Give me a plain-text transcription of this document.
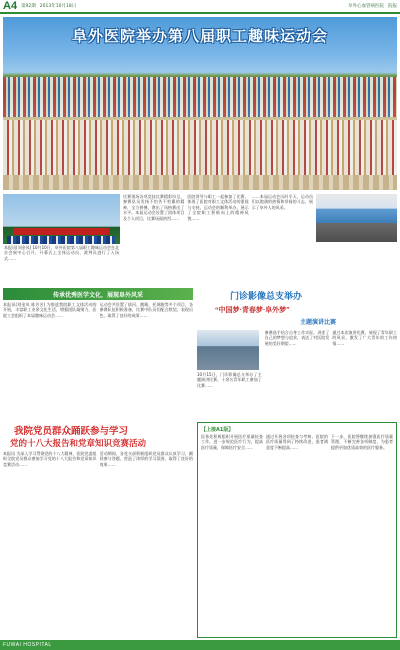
A4 第92期 2013年10月18日	阜外心血管病医院 院报
阜外医院举办第八届职工趣味运动会
本报讯(刘金凤) 10月10日，阜外医院第八届职工趣味运动会在北京会展中心召开，开幕式上全体运动员、裁判员进行了入场式……
比赛现场各项竞技比赛精彩纷呈，参赛队员发扬不怕苦不怕累的精神，全力拼搏，赛出了风格赛出了水平。本届运动会设置了团体项目及个人项目，比赛场面热烈……
医院领导与职工一起参加了比赛，体现了医院对职工文体活动的重视与支持。运动会的顺利举办，展示了全院职工积极向上的精神风貌……
……本届运动会历时半天，运动员们以饱满的热情和昂扬的斗志，展示了阜外人的风采。
传承优秀医学文化，展现阜外风采
本报讯(刘金凤 陈芳芳) 为推进我院职工文体活动的开展，丰富职工业余文化生活，增强团队凝聚力，医院工会组织了本届趣味运动会……
运动会共设置了拔河、跳绳、托球跑等多个项目，各参赛队伍积极准备，比赛中队员们配合默契，表现出色，取得了良好的成绩……
门诊影像总支举办
“中国梦·青春梦·阜外梦”
主题演讲比赛
10月15日，门诊影像总支举办了主题演讲比赛，十余名青年职工参加了比赛……
参赛选手结合自身工作实际，讲述了自己的梦想与追求，表达了对医院发展的美好期望……
通过本次演讲比赛，展现了青年职工的风采，激发了广大青年的工作热情……
我院党员群众踊跃参与学习
党的十八大报告和党章知识竞赛活动
本报讯 为深入学习贯彻党的十八大精神，医院党委组织全院党员群众参加学习党的十八大报告和党章知识竞赛活动……
活动期间，各党支部积极组织党员群众认真学习，踊跃参与答题，营造了浓厚的学习氛围，取得了良好的效果……
【上接A1版】
医务处积极组织开展医疗质量检查工作，进一步规范医疗行为，提高医疗质量，保障医疗安全……
通过开展各项检查与考核，医院的医疗质量得到了持续改进，患者满意度不断提高……
下一步，医院将继续加强医疗质量管理，不断完善各项制度，为患者提供更加优质高效的医疗服务。
FUWAI HOSPITAL
